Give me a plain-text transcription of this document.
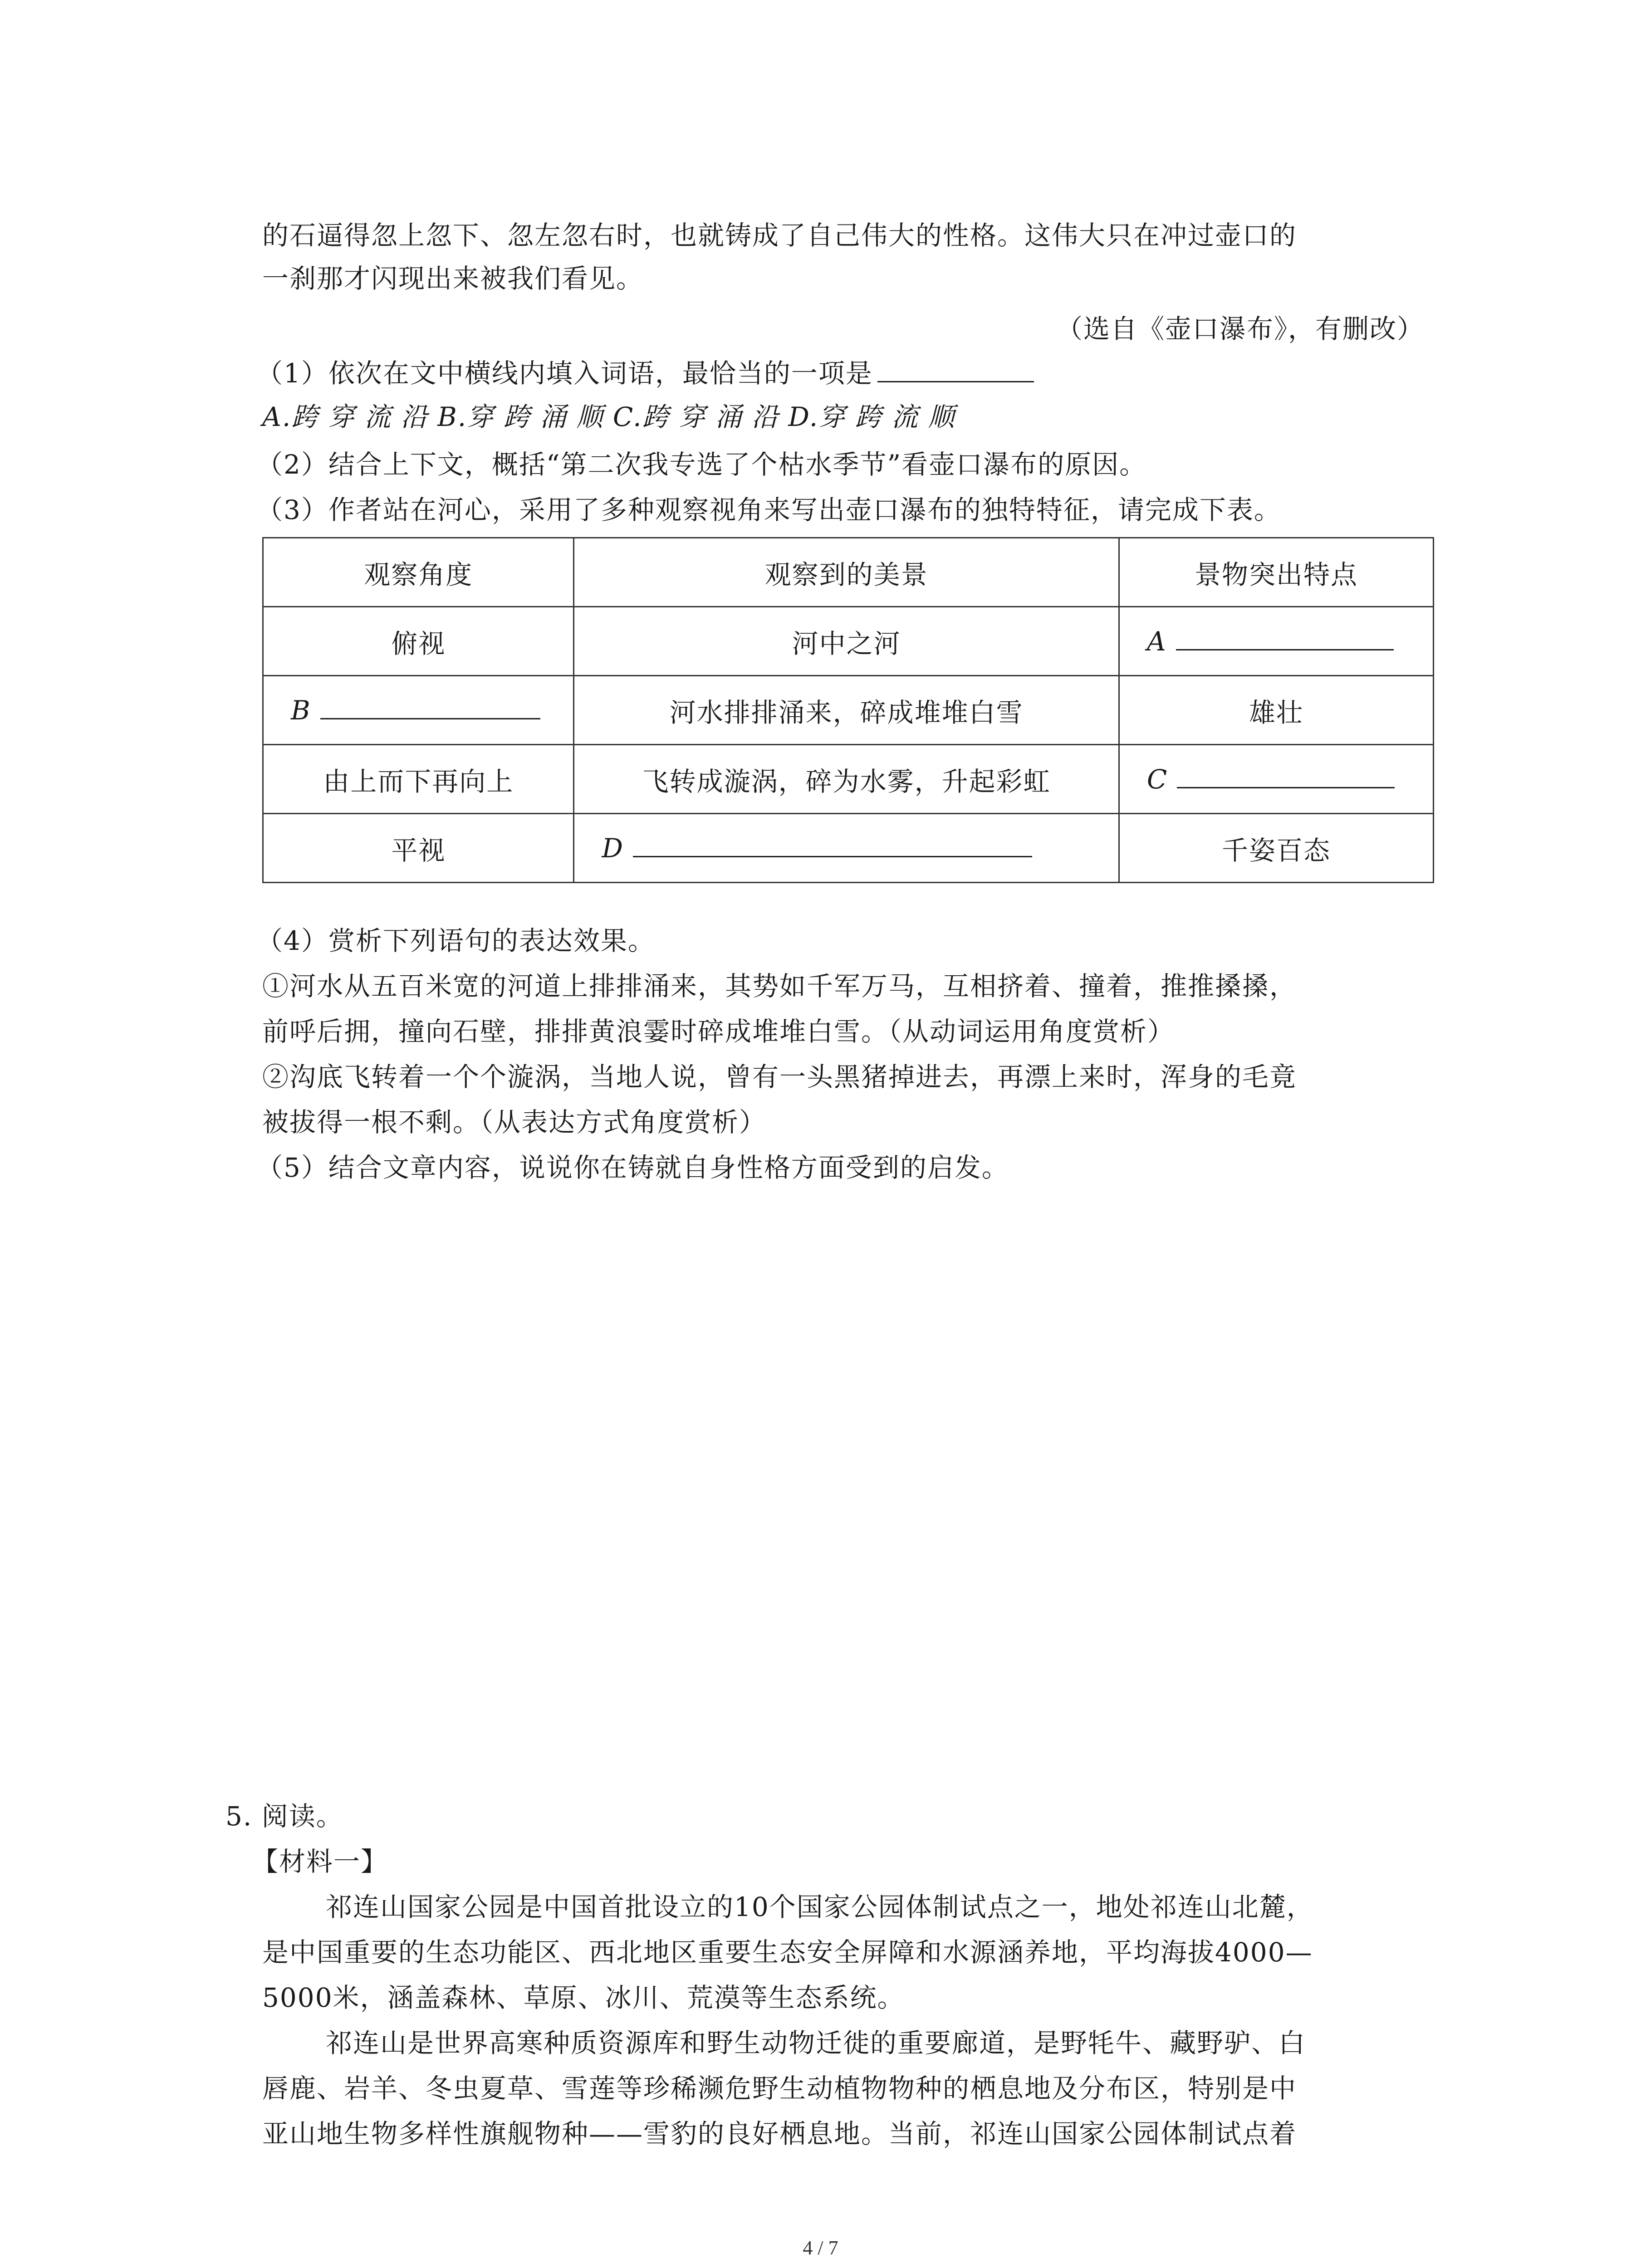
的石逼得忽上忽下、忽左忽右时，也就铸成了自己伟大的性格。这伟大只在冲过壶口的
一刹那才闪现出来被我们看见。
（选自《壶口瀑布》，有删改）
（1）依次在文中横线内填入词语，最恰当的一项是
A.跨 穿 流 沿 B.穿 跨 涌 顺 C.跨 穿 涌 沿 D.穿 跨 流 顺
（2）结合上下文，概括“第二次我专选了个枯水季节”看壶口瀑布的原因。
（3）作者站在河心，采用了多种观察视角来写出壶口瀑布的独特特征，请完成下表。
观察角度	观察到的美景	景物突出特点
俯视	河中之河	A

B	河水排排涌来，碎成堆堆白雪	雄壮
由上而下再向上	飞转成漩涡，碎为水雾，升起彩虹	C

平视	D	千姿百态
（4）赏析下列语句的表达效果。
①河水从五百米宽的河道上排排涌来，其势如千军万马，互相挤着、撞着，推推搡搡，
前呼后拥，撞向石壁，排排黄浪霎时碎成堆堆白雪。（从动词运用角度赏析）
②沟底飞转着一个个漩涡，当地人说，曾有一头黑猪掉进去，再漂上来时，浑身的毛竟
被拔得一根不剩。（从表达方式角度赏析）
（5）结合文章内容，说说你在铸就自身性格方面受到的启发。
5. 阅读。
【材料一】
祁连山国家公园是中国首批设立的10个国家公园体制试点之一，地处祁连山北麓，
是中国重要的生态功能区、西北地区重要生态安全屏障和水源涵养地，平均海拔4000—
5000米，涵盖森林、草原、冰川、荒漠等生态系统。
祁连山是世界高寒种质资源库和野生动物迁徙的重要廊道，是野牦牛、藏野驴、白
唇鹿、岩羊、冬虫夏草、雪莲等珍稀濒危野生动植物物种的栖息地及分布区，特别是中
亚山地生物多样性旗舰物种——雪豹的良好栖息地。当前，祁连山国家公园体制试点着
4 / 7
